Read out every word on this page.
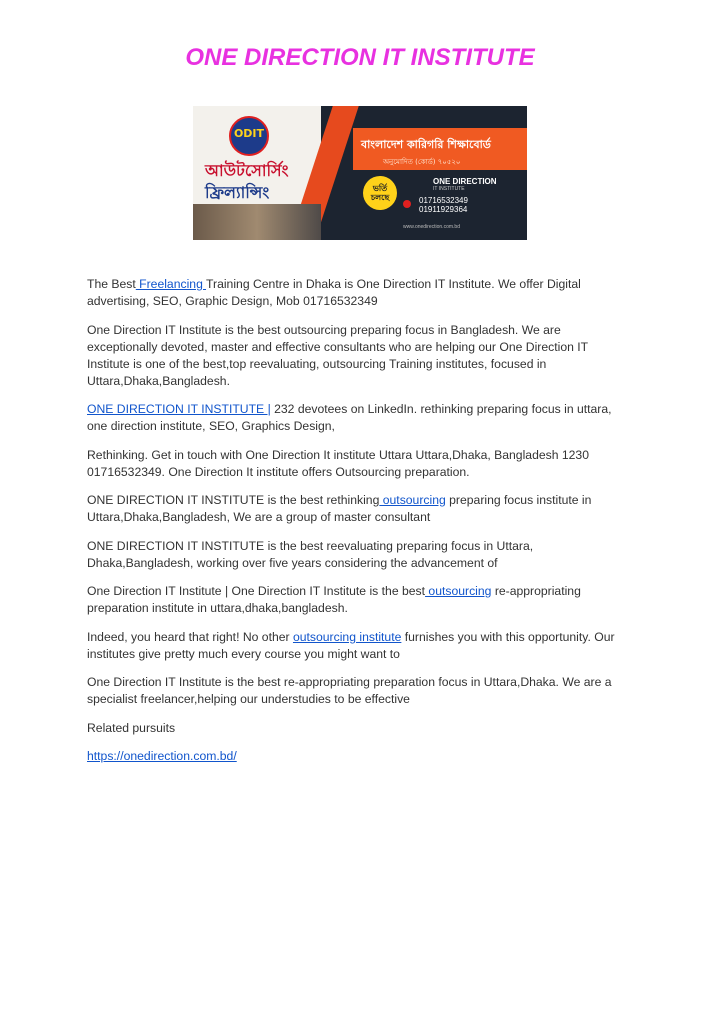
ONE DIRECTION IT INSTITUTE
ODIT
আউটসোর্সিং
ফ্রিল্যান্সিং
বাংলাদেশ কারিগরি শিক্ষাবোর্ড
অনুমোদিত (কোর্ড) ৭০৫২০
ONE DIRECTION
IT INSTITUTE
ভর্তি চলছে	01716532349
01911929364
www.onedirection.com.bd

The Best Freelancing Training Centre in Dhaka is One Direction IT Institute. We offer Digital advertising, SEO, Graphic Design, Mob 01716532349

One Direction IT Institute is the best outsourcing preparing focus in Bangladesh. We are exceptionally devoted, master and effective consultants who are helping our One Direction IT Institute is one of the best,top reevaluating, outsourcing Training institutes, focused in Uttara,Dhaka,Bangladesh.

ONE DIRECTION IT INSTITUTE | 232 devotees on LinkedIn. rethinking preparing focus in uttara, one direction institute, SEO, Graphics Design,

Rethinking. Get in touch with One Direction It institute Uttara Uttara,Dhaka, Bangladesh 1230 01716532349. One Direction It institute offers Outsourcing preparation.

ONE DIRECTION IT INSTITUTE is the best rethinking outsourcing preparing focus institute in Uttara,Dhaka,Bangladesh, We are a group of master consultant

ONE DIRECTION IT INSTITUTE is the best reevaluating preparing focus in Uttara, Dhaka,Bangladesh, working over five years considering the advancement of

One Direction IT Institute | One Direction IT Institute is the best outsourcing re-appropriating preparation institute in uttara,dhaka,bangladesh.

Indeed, you heard that right! No other outsourcing institute furnishes you with this opportunity. Our institutes give pretty much every course you might want to

One Direction IT Institute is the best re-appropriating preparation focus in Uttara,Dhaka. We are a specialist freelancer,helping our understudies to be effective

Related pursuits

https://onedirection.com.bd/
